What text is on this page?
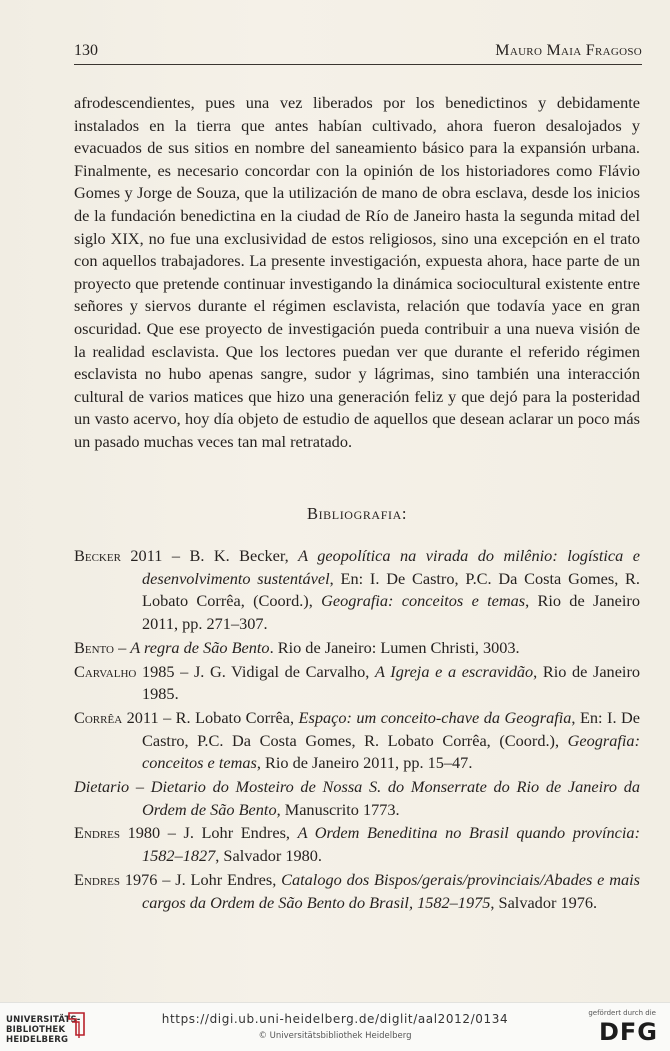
130	Mauro Maia Fragoso
afrodescendientes, pues una vez liberados por los benedictinos y debidamente instalados en la tierra que antes habían cultivado, ahora fueron desalojados y evacuados de sus sitios en nombre del saneamiento básico para la expansión urbana. Finalmente, es necesario concordar con la opinión de los historiadores como Flávio Gomes y Jorge de Souza, que la utilización de mano de obra esclava, desde los inicios de la fundación benedictina en la ciudad de Río de Janeiro hasta la segunda mitad del siglo XIX, no fue una exclusividad de estos religiosos, sino una excepción en el trato con aquellos trabajadores. La presente investigación, expuesta ahora, hace parte de un proyecto que pretende continuar investigando la dinámica sociocultural existente entre señores y siervos durante el régimen esclavista, relación que todavía yace en gran oscuridad. Que ese proyecto de investigación pueda contribuir a una nueva visión de la realidad esclavista. Que los lectores puedan ver que durante el referido régimen esclavista no hubo apenas sangre, sudor y lágrimas, sino también una interacción cultural de varios matices que hizo una generación feliz y que dejó para la posteridad un vasto acervo, hoy día objeto de estudio de aquellos que desean aclarar un poco más un pasado muchas veces tan mal retratado.
Bibliografia:

Becker 2011 – B. K. Becker, A geopolítica na virada do milênio: logística e desenvolvimento sustentável, En: I. De Castro, P.C. Da Costa Gomes, R. Lobato Corrêa, (Coord.), Geografia: conceitos e temas, Rio de Janeiro 2011, pp. 271–307.

Bento – A regra de São Bento. Rio de Janeiro: Lumen Christi, 3003.

Carvalho 1985 – J. G. Vidigal de Carvalho, A Igreja e a escravidão, Rio de Janeiro 1985.

Corrêa 2011 – R. Lobato Corrêa, Espaço: um conceito-chave da Geografia, En: I. De Castro, P.C. Da Costa Gomes, R. Lobato Corrêa, (Coord.), Geografia: conceitos e temas, Rio de Janeiro 2011, pp. 15–47.

Dietario – Dietario do Mosteiro de Nossa S. do Monserrate do Rio de Janeiro da Ordem de São Bento, Manuscrito 1773.

Endres 1980 – J. Lohr Endres, A Ordem Beneditina no Brasil quando província: 1582–1827, Salvador 1980.

Endres 1976 – J. Lohr Endres, Catalogo dos Bispos/gerais/provinciais/Abades e mais cargos da Ordem de São Bento do Brasil, 1582–1975, Salvador 1976.

UNIVERSITÄTS-
BIBLIOTHEK
HEIDELBERG
https://digi.ub.uni-heidelberg.de/diglit/aal2012/0134
© Universitätsbibliothek Heidelberg
gefördert durch die
DFG
